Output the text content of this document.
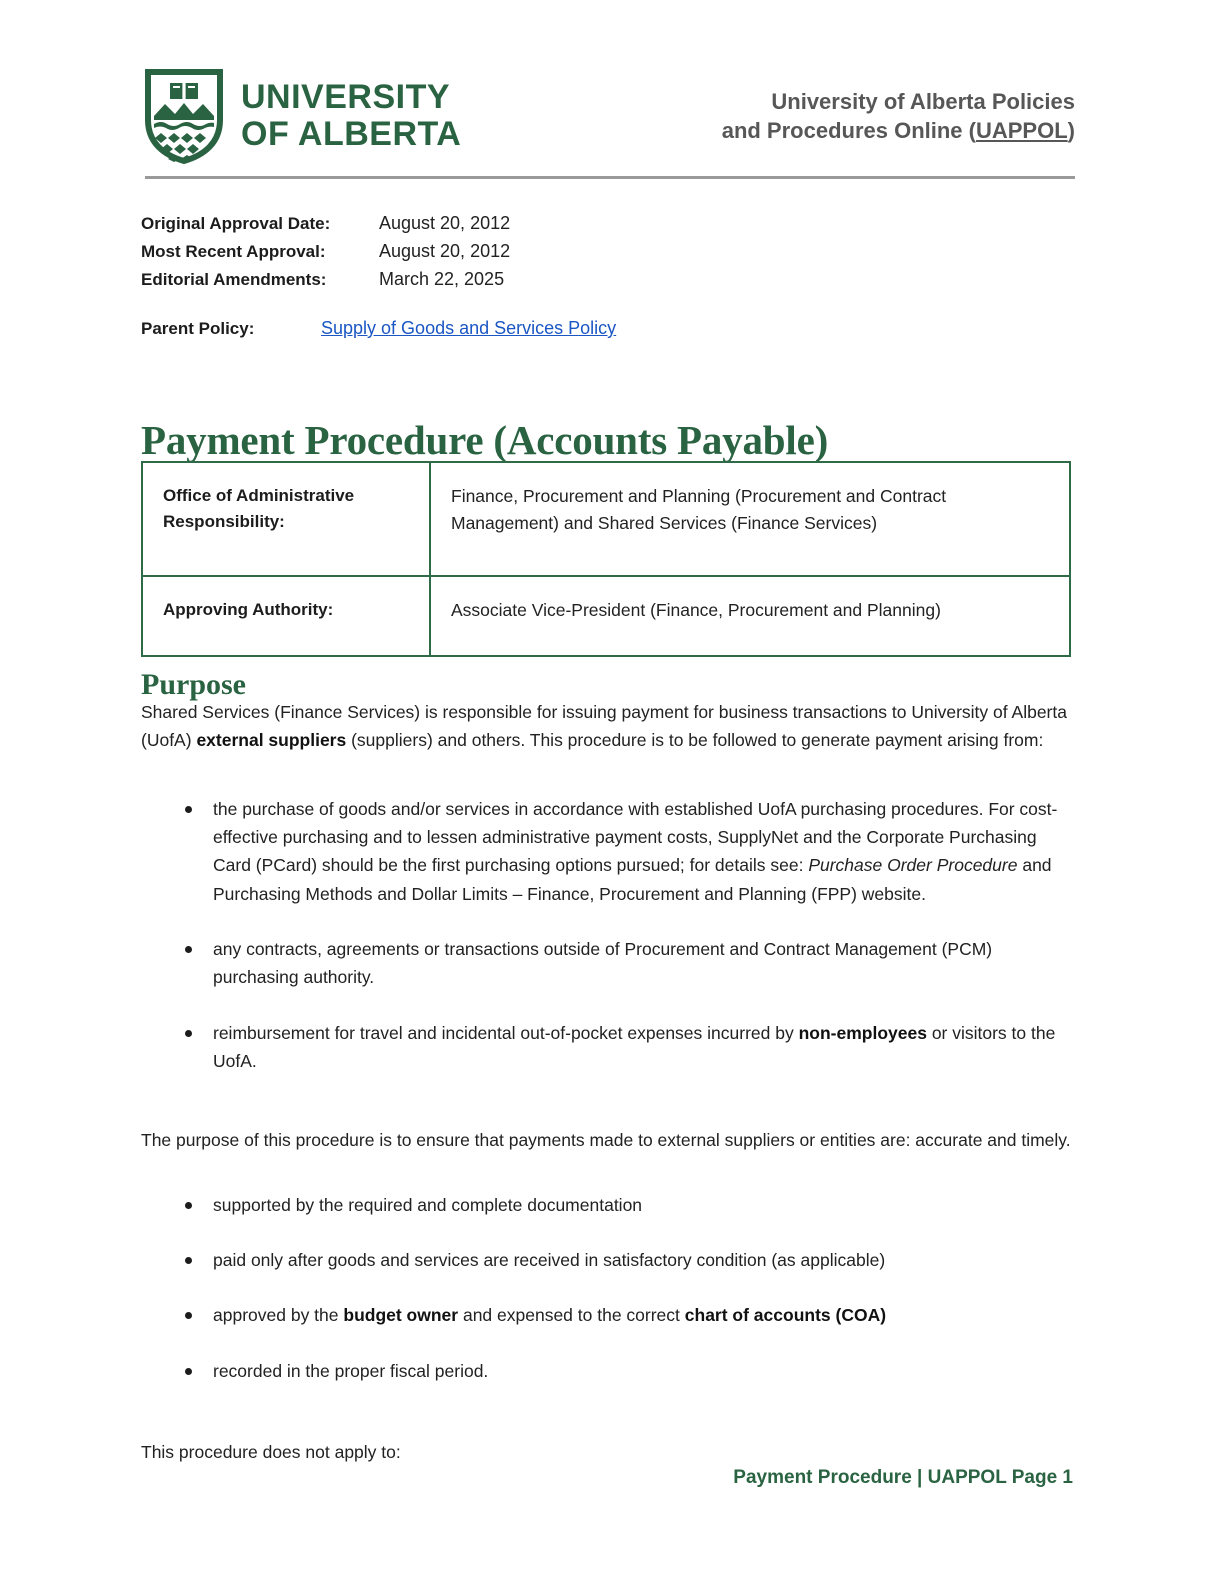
UNIVERSITY
OF ALBERTA
University of Alberta Policies
and Procedures Online (UAPPOL)
Original Approval Date:	August 20, 2012
Most Recent Approval:	August 20, 2012
Editorial Amendments:	March 22, 2025
Parent Policy:	Supply of Goods and Services Policy
Payment Procedure (Accounts Payable)
Office of Administrative Responsibility:	Finance, Procurement and Planning (Procurement and Contract Management) and Shared Services (Finance Services)
Approving Authority:	Associate Vice-President (Finance, Procurement and Planning)
Purpose

Shared Services (Finance Services) is responsible for issuing payment for business transactions to University of Alberta (UofA) external suppliers (suppliers) and others. This procedure is to be followed to generate payment arising from:

the purchase of goods and/or services in accordance with established UofA purchasing procedures. For cost-effective purchasing and to lessen administrative payment costs, SupplyNet and the Corporate Purchasing Card (PCard) should be the first purchasing options pursued; for details see: Purchase Order Procedure and Purchasing Methods and Dollar Limits – Finance, Procurement and Planning (FPP) website.
any contracts, agreements or transactions outside of Procurement and Contract Management (PCM) purchasing authority.
reimbursement for travel and incidental out-of-pocket expenses incurred by non-employees or visitors to the UofA.

The purpose of this procedure is to ensure that payments made to external suppliers or entities are: accurate and timely.

supported by the required and complete documentation
paid only after goods and services are received in satisfactory condition (as applicable)
approved by the budget owner and expensed to the correct chart of accounts (COA)
recorded in the proper fiscal period.

This procedure does not apply to:

Payment Procedure | UAPPOL Page 1
